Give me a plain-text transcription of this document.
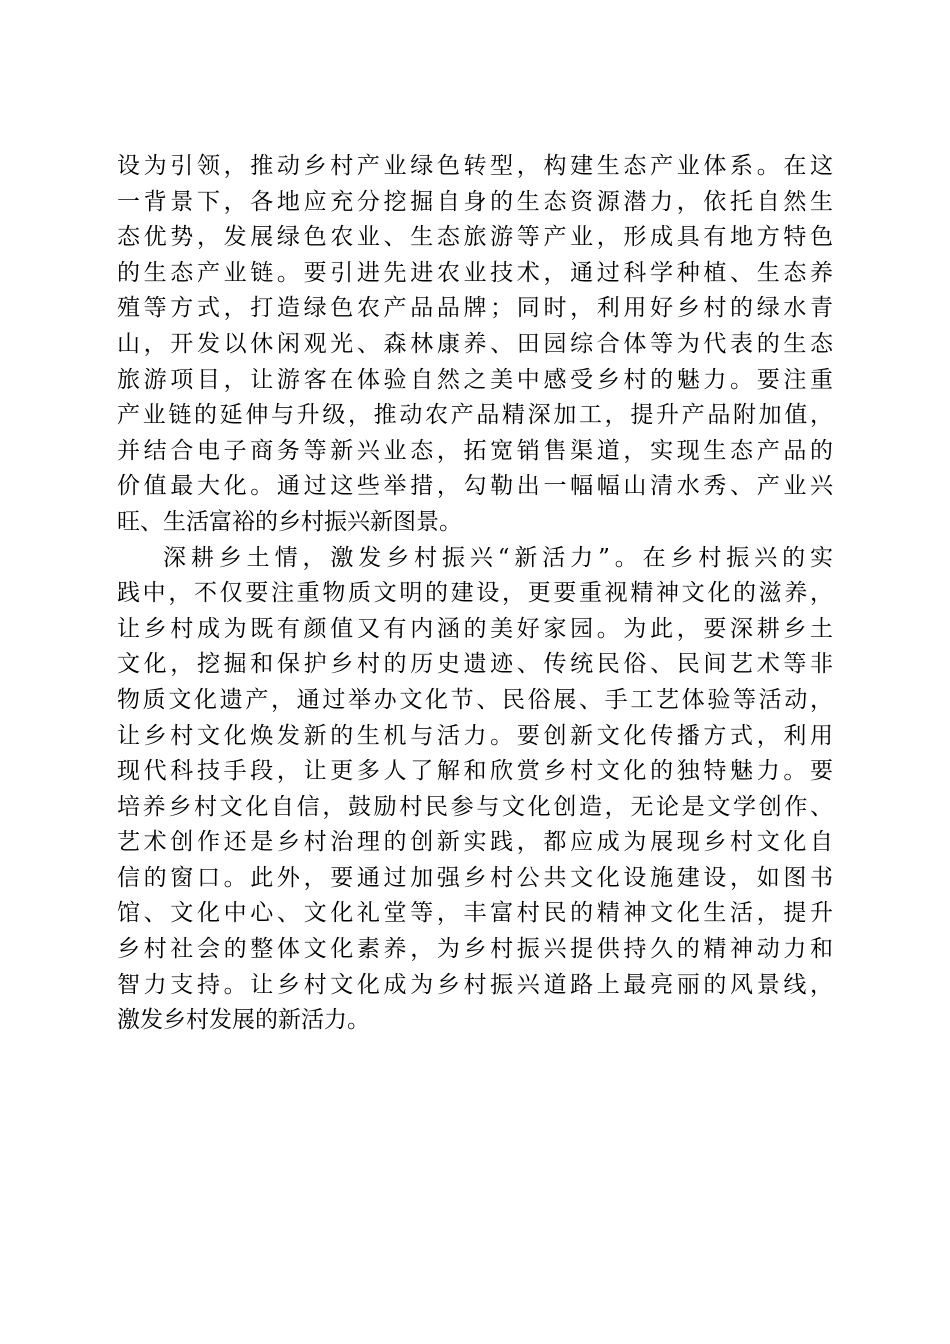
设为引领，推动乡村产业绿色转型，构建生态产业体系。在这
一背景下，各地应充分挖掘自身的生态资源潜力，依托自然生
态优势，发展绿色农业、生态旅游等产业，形成具有地方特色
的生态产业链。要引进先进农业技术，通过科学种植、生态养
殖等方式，打造绿色农产品品牌；同时，利用好乡村的绿水青
山，开发以休闲观光、森林康养、田园综合体等为代表的生态
旅游项目，让游客在体验自然之美中感受乡村的魅力。要注重
产业链的延伸与升级，推动农产品精深加工，提升产品附加值，
并结合电子商务等新兴业态，拓宽销售渠道，实现生态产品的
价值最大化。通过这些举措，勾勒出一幅幅山清水秀、产业兴
旺、生活富裕的乡村振兴新图景。
深耕乡土情，激发乡村振兴“新活力”。在乡村振兴的实
践中，不仅要注重物质文明的建设，更要重视精神文化的滋养，
让乡村成为既有颜值又有内涵的美好家园。为此，要深耕乡土
文化，挖掘和保护乡村的历史遗迹、传统民俗、民间艺术等非
物质文化遗产，通过举办文化节、民俗展、手工艺体验等活动，
让乡村文化焕发新的生机与活力。要创新文化传播方式，利用
现代科技手段，让更多人了解和欣赏乡村文化的独特魅力。要
培养乡村文化自信，鼓励村民参与文化创造，无论是文学创作、
艺术创作还是乡村治理的创新实践，都应成为展现乡村文化自
信的窗口。此外，要通过加强乡村公共文化设施建设，如图书
馆、文化中心、文化礼堂等，丰富村民的精神文化生活，提升
乡村社会的整体文化素养，为乡村振兴提供持久的精神动力和
智力支持。让乡村文化成为乡村振兴道路上最亮丽的风景线，
激发乡村发展的新活力。
